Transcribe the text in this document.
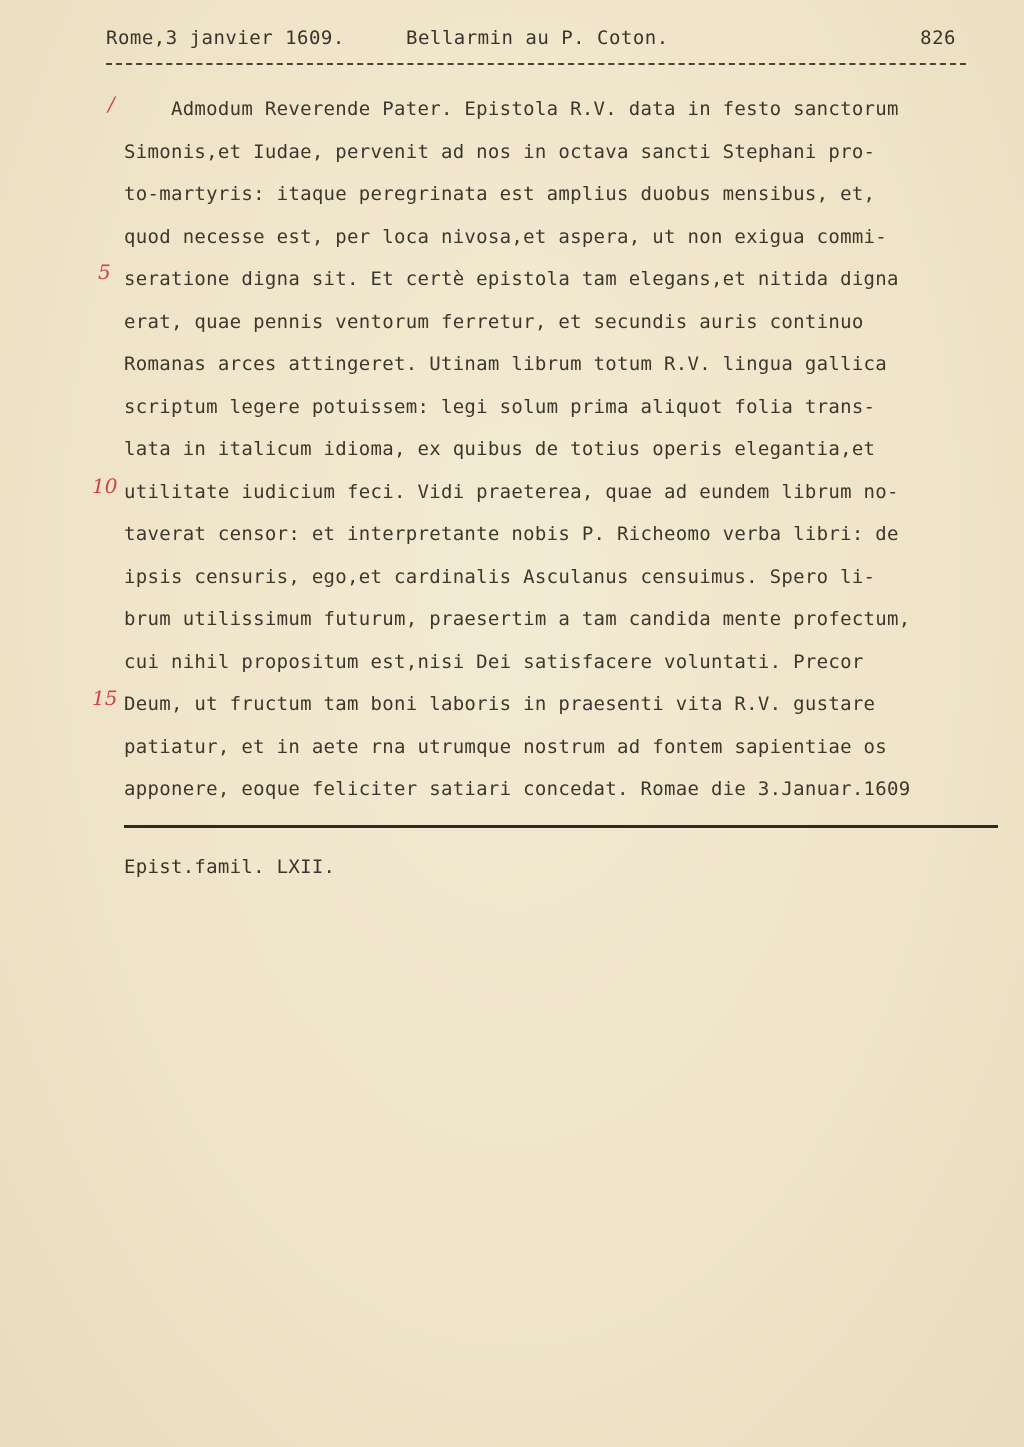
Rome,3 janvier 1609.	Bellarmin au P. Coton.	826
/
5
10
15
Admodum Reverende Pater. Epistola R.V. data in festo sanctorum
Simonis,et Iudae, pervenit ad nos in octava sancti Stephani pro-
to-martyris: itaque peregrinata est amplius duobus mensibus, et,
quod necesse est, per loca nivosa,et aspera, ut non exigua commi-
seratione digna sit. Et certè epistola tam elegans,et nitida digna
erat, quae pennis ventorum ferretur, et secundis auris continuo
Romanas arces attingeret. Utinam librum totum R.V. lingua gallica
scriptum legere potuissem: legi solum prima aliquot folia trans-
lata in italicum idioma, ex quibus de totius operis elegantia,et
utilitate iudicium feci. Vidi praeterea, quae ad eundem librum no-
taverat censor: et interpretante nobis P. Richeomo verba libri: de
ipsis censuris, ego,et cardinalis Asculanus censuimus. Spero li-
brum utilissimum futurum, praesertim a tam candida mente profectum,
cui nihil propositum est,nisi Dei satisfacere voluntati. Precor
Deum, ut fructum tam boni laboris in praesenti vita R.V. gustare
patiatur, et in aete rna utrumque nostrum ad fontem sapientiae os
apponere, eoque feliciter satiari concedat. Romae die 3.Januar.1609
Epist.famil. LXII.
